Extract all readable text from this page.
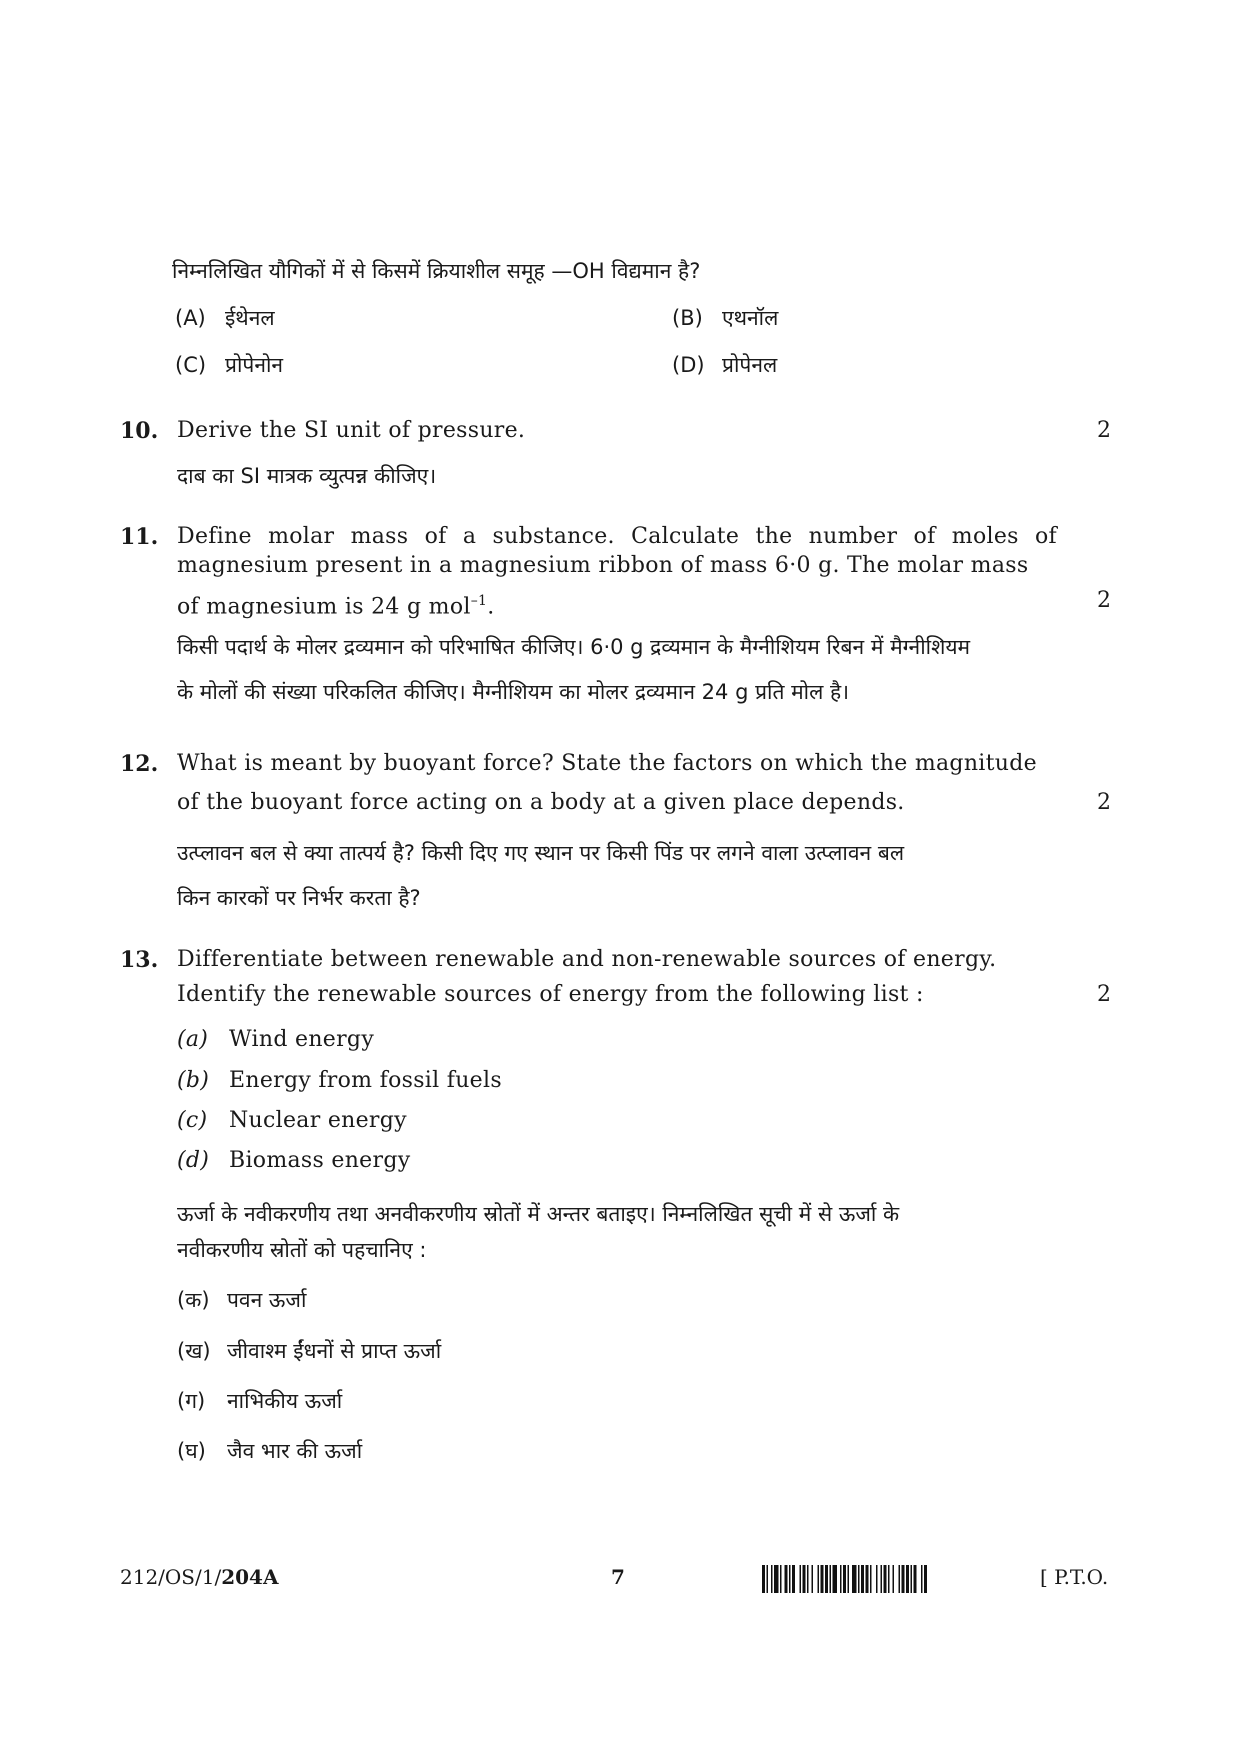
निम्नलिखित यौगिकों में से किसमें क्रियाशील समूह —OH विद्यमान है?
(A) ईथेनल	(B) एथनॉल
(C) प्रोपेनोन	(D) प्रोपेनल
10. Derive the SI unit of pressure.	2
दाब का SI मात्रक व्युत्पन्न कीजिए।
11. Define molar mass of a substance. Calculate the number of moles of
magnesium present in a magnesium ribbon of mass 6·0 g. The molar mass
of magnesium is 24 g mol$^{-1}$.	2
किसी पदार्थ के मोलर द्रव्यमान को परिभाषित कीजिए। 6·0 g द्रव्यमान के मैग्नीशियम रिबन में मैग्नीशियम
के मोलों की संख्या परिकलित कीजिए। मैग्नीशियम का मोलर द्रव्यमान 24 g प्रति मोल है।
12. What is meant by buoyant force? State the factors on which the magnitude
of the buoyant force acting on a body at a given place depends.	2
उत्प्लावन बल से क्या तात्पर्य है? किसी दिए गए स्थान पर किसी पिंड पर लगने वाला उत्प्लावन बल
किन कारकों पर निर्भर करता है?
13. Differentiate between renewable and non-renewable sources of energy.
Identify the renewable sources of energy from the following list :	2
(a) Wind energy
(b) Energy from fossil fuels
(c) Nuclear energy
(d) Biomass energy
ऊर्जा के नवीकरणीय तथा अनवीकरणीय स्रोतों में अन्तर बताइए। निम्नलिखित सूची में से ऊर्जा के
नवीकरणीय स्रोतों को पहचानिए :
(क) पवन ऊर्जा
(ख) जीवाश्म ईंधनों से प्राप्त ऊर्जा
(ग) नाभिकीय ऊर्जा
(घ) जैव भार की ऊर्जा
212/OS/1/204A	7	[ P.T.O.
